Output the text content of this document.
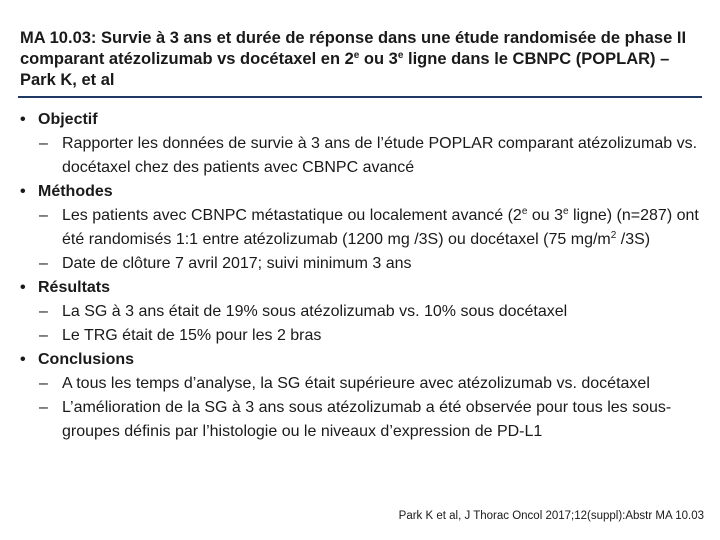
MA 10.03: Survie à 3 ans et durée de réponse dans une étude randomisée de phase II comparant atézolizumab vs docétaxel en 2e ou 3e ligne dans le CBNPC (POPLAR) – Park K, et al
• Objectif
– Rapporter les données de survie à 3 ans de l’étude POPLAR comparant atézolizumab vs. docétaxel chez des patients avec CBNPC avancé
• Méthodes
– Les patients avec CBNPC métastatique ou localement avancé (2e ou 3e ligne) (n=287) ont été randomisés 1:1 entre atézolizumab (1200 mg /3S) ou docétaxel (75 $mg/m^2$ /3S)
– Date de clôture 7 avril 2017; suivi minimum 3 ans
• Résultats
– La SG à 3 ans était de 19% sous atézolizumab vs. 10% sous docétaxel
– Le TRG était de 15% pour les 2 bras
• Conclusions
– A tous les temps d’analyse, la SG était supérieure avec atézolizumab vs. docétaxel
– L’amélioration de la SG à 3 ans sous atézolizumab a été observée pour tous les sous-groupes définis par l’histologie ou le niveaux d’expression de PD-L1
Park K et al, J Thorac Oncol 2017;12(suppl):Abstr MA 10.03
